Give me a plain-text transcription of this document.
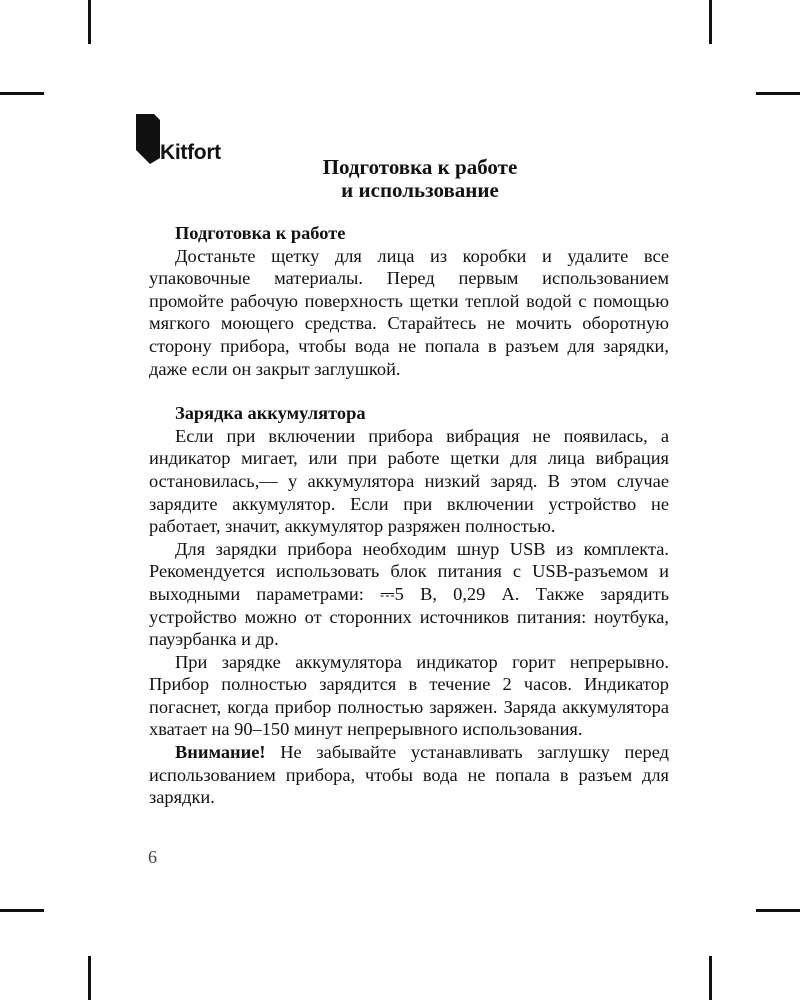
Kitfort
Подготовка к работе
и использование
Подготовка к работе

Достаньте щетку для лица из коробки и удалите все упаковочные материалы. Перед первым использованием промойте рабочую поверхность щетки теплой водой с помощью мягкого моющего средства. Старайтесь не мочить оборотную сторону прибора, чтобы вода не попала в разъем для зарядки, даже если он закрыт заглушкой.

Зарядка аккумулятора

Если при включении прибора вибрация не появилась, а индикатор мигает, или при работе щетки для лица вибрация остановилась,— у аккумулятора низкий заряд. В этом случае зарядите аккумулятор. Если при включении устройство не работает, значит, аккумулятор разряжен полностью.

Для зарядки прибора необходим шнур USB из комплекта. Рекомендуется использовать блок питания с USB-разъемом и выходными параметрами: ⎓5 В, 0,29 А. Также зарядить устройство можно от сторонних источников питания: ноутбука, пауэрбанка и др.

При зарядке аккумулятора индикатор горит непрерывно. Прибор полностью зарядится в течение 2 часов. Индикатор погаснет, когда прибор полностью заряжен. Заряда аккумулятора хватает на 90–150 минут непрерывного использования.

Внимание! Не забывайте устанавливать заглушку перед использованием прибора, чтобы вода не попала в разъем для зарядки.

6
